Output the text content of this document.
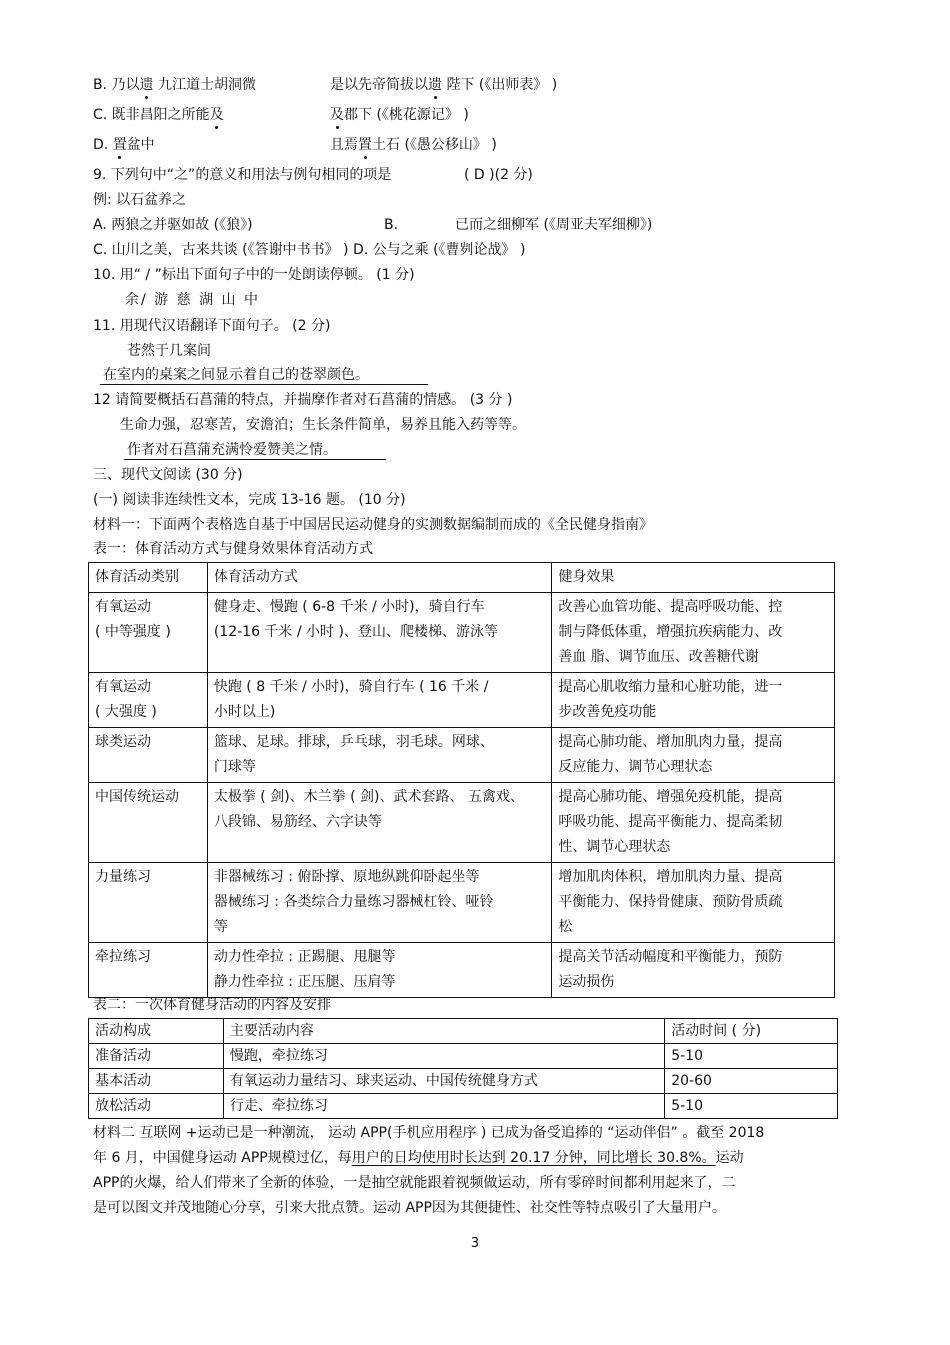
B. 乃以遗 九江道士胡洞微	是以先帝简拔以遗 陛下 (《出师表》 )
C. 既非昌阳之所能及	及郡下 (《桃花源记》 )
D. 置盆中	且焉置土石 (《愚公移山》 )
9. 下列句中“之”的意义和用法与例句相同的项是	( D )(2 分)
例: 以石盆养之
A. 两狼之并驱如故 (《狼》)	B.	已而之细柳军 (《周亚夫军细柳》)
C. 山川之美，古来共谈 (《答谢中书书》 ) D. 公与之乘 (《曹刿论战》 )
10. 用“ / ”标出下面句子中的一处朗读停顿。 (1 分)
余/ 游 慈 湖 山 中
11. 用现代汉语翻译下面句子。 (2 分)
苍然于几案间
在室内的桌案之间显示着自己的苍翠颜色。
12 请简要概括石菖蒲的特点，并揣摩作者对石菖蒲的情感。 (3 分 )
生命力强，忍寒苦，安澹泊；生长条件简单，易养且能入药等等。
作者对石菖蒲充满怜爱赞美之情。
三、现代文阅读 (30 分)
(一) 阅读非连续性文本，完成 13-16 题。 (10 分)
材料一：下面两个表格选自基于中国居民运动健身的实测数据编制而成的《全民健身指南》
表一：体育活动方式与健身效果体育活动方式
体育活动类别	体育活动方式	健身效果
有氧运动
( 中等强度 )	健身走、慢跑 ( 6-8 千米 / 小时)，骑自行车
(12-16 千米 / 小时 )、登山、爬楼梯、游泳等	改善心血管功能、提高呼吸功能、控
制与降低体重，增强抗疾病能力、改
善血 脂、调节血压、改善糖代谢
有氧运动
( 大强度 )	快跑 ( 8 千米 / 小时)，骑自行车 ( 16 千米 /
小时以上)	提高心肌收缩力量和心脏功能，进一
步改善免疫功能
球类运动	篮球、足球。排球，乒乓球，羽毛球。网球、
门球等	提高心肺功能、增加肌肉力量，提高
反应能力、调节心理状态
中国传统运动	太极拳 ( 剑)、木兰拳 ( 剑)、武术套路、 五禽戏、
八段锦、易筋经、六字诀等	提高心肺功能、增强免疫机能，提高
呼吸功能、提高平衡能力、提高柔韧
性、调节心理状态
力量练习	非器械练习 : 俯卧撑、原地纵跳仰卧起坐等
器械练习 : 各类综合力量练习器械杠铃、哑铃
等	增加肌肉体积，增加肌肉力量、提高
平衡能力、保持骨健康、预防骨质疏
松
牵拉练习	动力性牵拉 : 正踢腿、甩腿等
静力性牵拉 : 正压腿、压肩等	提高关节活动幅度和平衡能力，预防
运动损伤
表二：一次体育健身活动的内容及安排
活动构成	主要活动内容	活动时间 ( 分)
准备活动	慢跑，牵拉练习	5-10
基本活动	有氧运动力量结习、球夹运动、中国传统健身方式	20-60
放松活动	行走、牵拉练习	5-10
材料二 互联网 +运动已是一种潮流， 运动 APP(手机应用程序 ) 已成为备受追捧的 “运动伴侣” 。截至 2018
年 6 月，中国健身运动 APP规模过亿，每用户的日均使用时长达到 20.17 分钟，同比增长 30.8%。运动
APP的火爆，给人们带来了全新的体验，一是抽空就能跟着视频做运动，所有零碎时间都利用起来了，二
是可以图文并茂地随心分享，引来大批点赞。运动 APP因为其便捷性、社交性等特点吸引了大量用户。
3
